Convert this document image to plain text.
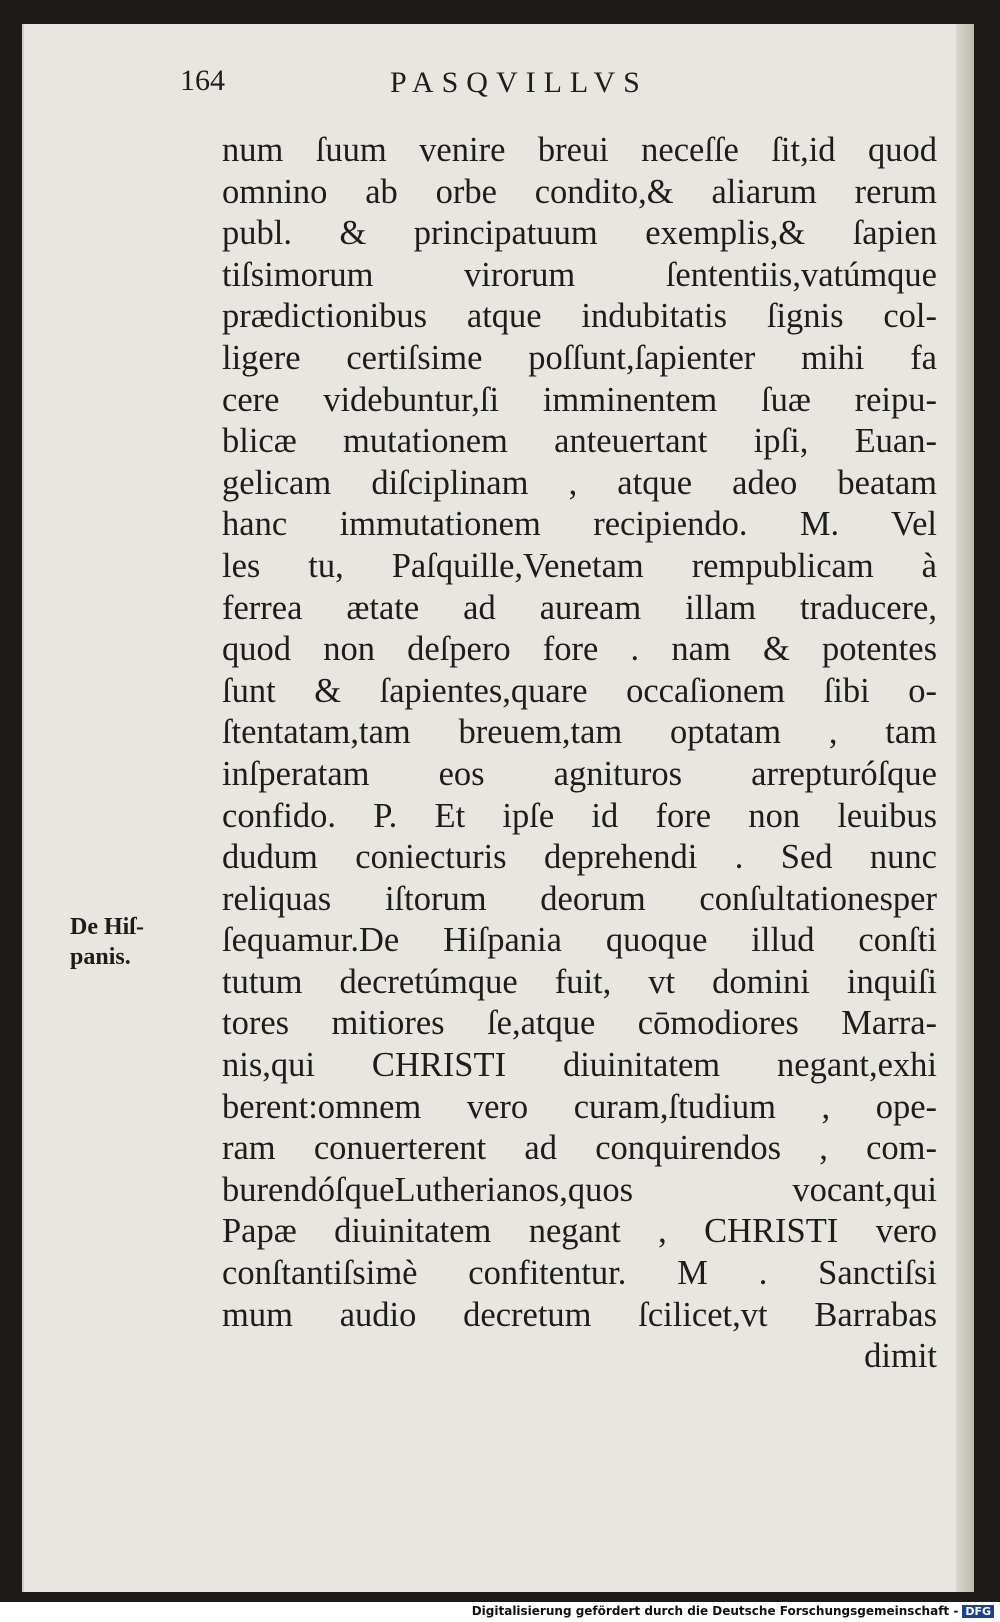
164	PASQVILLVS
De Hiſ-
panis.
num ſuum venire breui neceſſe ſit,id quod
omnino ab orbe condito,& aliarum rerum
publ. & principatuum exemplis,& ſapien
tiſsimorum virorum ſententiis,vatúmque
prædictionibus atque indubitatis ſignis col-
ligere certiſsime poſſunt,ſapienter mihi fa
cere videbuntur,ſi imminentem ſuæ reipu-
blicæ mutationem anteuertant ipſi, Euan-
gelicam diſciplinam , atque adeo beatam
hanc immutationem recipiendo. M. Vel
les tu, Paſquille,Venetam rempublicam à
ferrea ætate ad auream illam traducere,
quod non deſpero fore . nam & potentes
ſunt & ſapientes,quare occaſionem ſibi o-
ſtentatam,tam breuem,tam optatam , tam
inſperatam eos agnituros arrepturóſque
confido. P. Et ipſe id fore non leuibus
dudum coniecturis deprehendi . Sed nunc
reliquas iſtorum deorum conſultationesper
ſequamur.De Hiſpania quoque illud conſti
tutum decretúmque fuit, vt domini inquiſi
tores mitiores ſe,atque cōmodiores Marra-
nis,qui CHRISTI diuinitatem negant,exhi
berent:omnem vero curam,ſtudium , ope-
ram conuerterent ad conquirendos , com-
burendóſqueLutherianos,quos vocant,qui
Papæ diuinitatem negant , CHRISTI vero
conſtantiſsimè confitentur. M . Sanctiſsi
mum audio decretum ſcilicet,vt Barrabas
dimit
Digitalisierung gefördert durch die Deutsche Forschungsgemeinschaft - DFG
